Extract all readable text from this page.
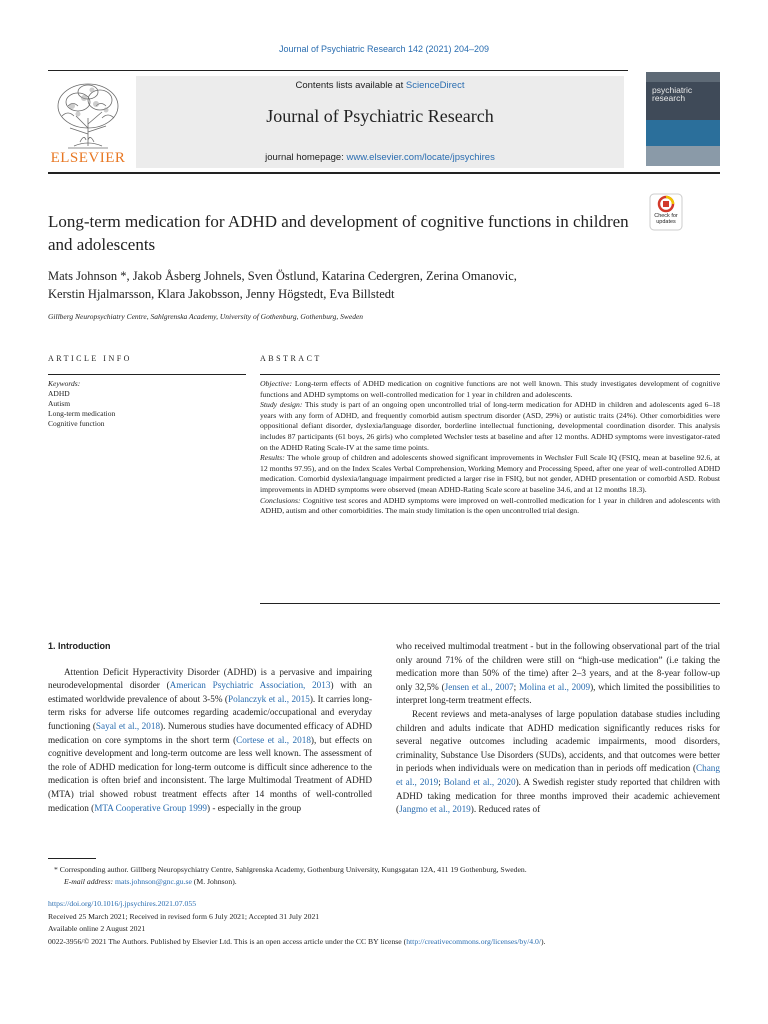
Journal of Psychiatric Research 142 (2021) 204–209
ELSEVIER
Contents lists available at ScienceDirect
Journal of Psychiatric Research
journal homepage: www.elsevier.com/locate/jpsychires
psychiatric
research
Long-term medication for ADHD and development of cognitive functions in children and adolescents
Check for
updates
Mats Johnson *, Jakob Åsberg Johnels, Sven Östlund, Katarina Cedergren, Zerina Omanovic,
Kerstin Hjalmarsson, Klara Jakobsson, Jenny Högstedt, Eva Billstedt
Gillberg Neuropsychiatry Centre, Sahlgrenska Academy, University of Gothenburg, Gothenburg, Sweden
ARTICLE INFO	ABSTRACT
Keywords:
ADHD
Autism
Long-term medication
Cognitive function

Objective: Long-term effects of ADHD medication on cognitive functions are not well known. This study investigates development of cognitive functions and ADHD symptoms on well-controlled medication for 1 year in children and adolescents.

Study design: This study is part of an ongoing open uncontrolled trial of long-term medication for ADHD in children and adolescents aged 6–18 years with any form of ADHD, and frequently comorbid autism spectrum disorder (ASD, 29%) or autistic traits (24%). Other comorbidities were oppositional defiant disorder, dyslexia/language disorder, borderline intellectual functioning, developmental coordination disorder. This analysis includes 87 participants (61 boys, 26 girls) who completed Wechsler tests at baseline and after 12 months. ADHD symptoms were investigator-rated on the ADHD Rating Scale-IV at the same time points.

Results: The whole group of children and adolescents showed significant improvements in Wechsler Full Scale IQ (FSIQ, mean at baseline 92.6, at 12 months 97.95), and on the Index Scales Verbal Comprehension, Working Memory and Processing Speed, after one year of well-controlled ADHD medication. Comorbid dyslexia/language impairment predicted a larger rise in FSIQ, but not gender, ADHD presentation or comorbid ASD. Robust improvements in ADHD symptoms were observed (mean ADHD-Rating Scale score at baseline 34.6, and at 12 months 18.3).

Conclusions: Cognitive test scores and ADHD symptoms were improved on well-controlled medication for 1 year in children and adolescents with ADHD, autism and other comorbidities. The main study limitation is the open uncontrolled trial design.

1. Introduction

Attention Deficit Hyperactivity Disorder (ADHD) is a pervasive and impairing neurodevelopmental disorder (American Psychiatric Association, 2013) with an estimated worldwide prevalence of about 3-5% (Polanczyk et al., 2015). It carries long-term risks for adverse life outcomes regarding academic/occupational and everyday functioning (Sayal et al., 2018). Numerous studies have documented efficacy of ADHD medication on core symptoms in the short term (Cortese et al., 2018), but effects on cognitive development and long-term outcome are less well known. The assessment of the role of ADHD medication for long-term outcome is difficult since adherence to the medication is often brief and inconsistent. The large Multimodal Treatment of ADHD (MTA) trial showed robust treatment effects after 14 months of well-controlled medication (MTA Cooperative Group 1999) - especially in the group

who received multimodal treatment - but in the following observational part of the trial only around 71% of the children were still on “high-use medication” (i.e taking the medication more than 50% of the time) after 2–3 years, and at the 8-year follow-up only 32,5% (Jensen et al., 2007; Molina et al., 2009), which limited the possibilities to interpret long-term treatment effects.

Recent reviews and meta-analyses of large population database studies including children and adults indicate that ADHD medication significantly reduces risks for several negative outcomes including academic impairments, mood disorders, criminality, Substance Use Disorders (SUDs), accidents, and that outcomes were better in periods when individuals were on medication than in periods off medication (Chang et al., 2019; Boland et al., 2020). A Swedish register study reported that children with ADHD taking medication for three months improved their academic achievement (Jangmo et al., 2019). Reduced rates of

* Corresponding author. Gillberg Neuropsychiatry Centre, Sahlgrenska Academy, Gothenburg University, Kungsgatan 12A, 411 19 Gothenburg, Sweden.

E-mail address: mats.johnson@gnc.gu.se (M. Johnson).

https://doi.org/10.1016/j.jpsychires.2021.07.055

Received 25 March 2021; Received in revised form 6 July 2021; Accepted 31 July 2021

Available online 2 August 2021

0022-3956/© 2021 The Authors. Published by Elsevier Ltd. This is an open access article under the CC BY license (http://creativecommons.org/licenses/by/4.0/).
